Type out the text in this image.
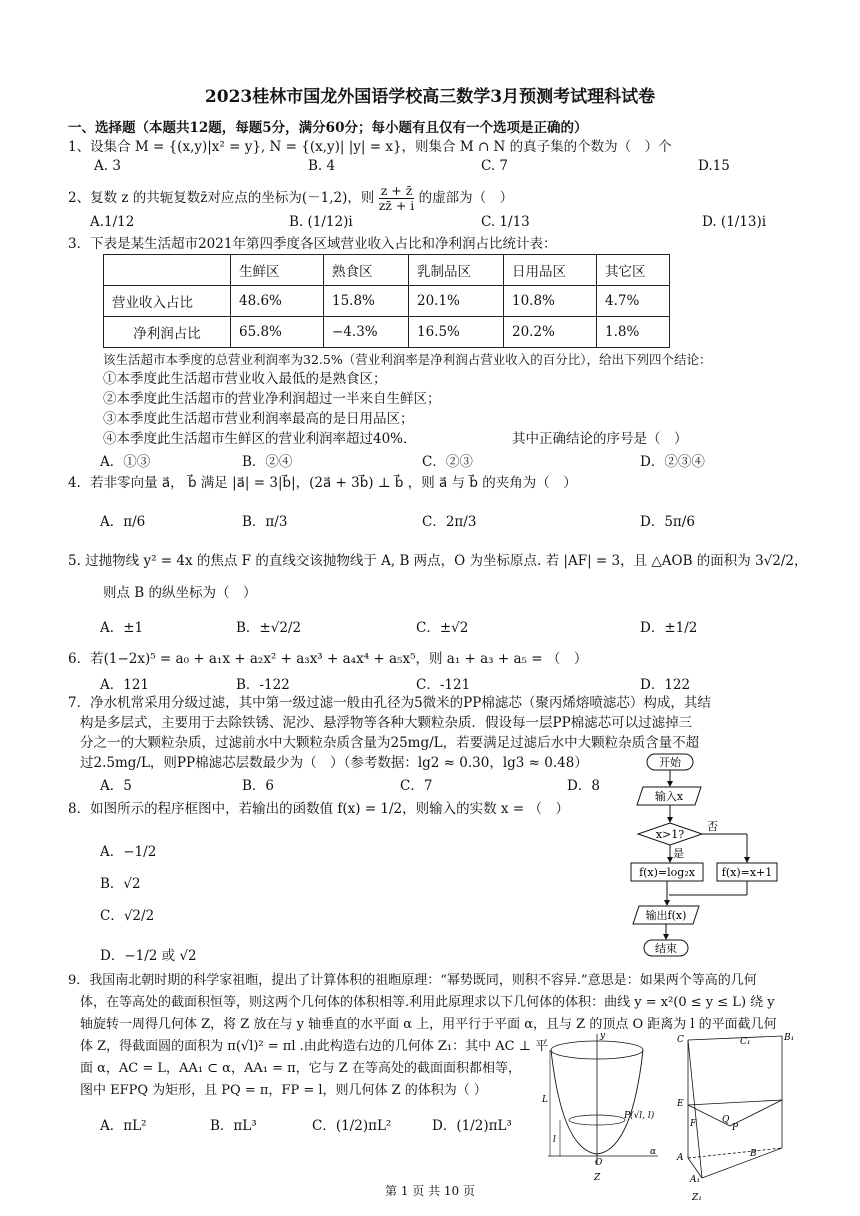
2023桂林市国龙外国语学校高三数学3月预测考试理科试卷
一、选择题（本题共12题，每题5分，满分60分；每小题有且仅有一个选项是正确的）
1、设集合 M = {(x,y)|x² = y}, N = {(x,y)| |y| = x}，则集合 M ∩ N 的真子集的个数为（　）个
A. 3	B. 4	C. 7	D.15
2、复数 z 的共轭复数z̄对应点的坐标为(－1,2)，则 $\frac{z + z̄}{zz̄ + i}$ 的虚部为（　）
A.1/12	B. (1/12)i	C. 1/13	D. (1/13)i
3．下表是某生活超市2021年第四季度各区域营业收入占比和净利润占比统计表：
	生鲜区	熟食区	乳制品区	日用品区	其它区
营业收入占比	48.6%	15.8%	20.1%	10.8%	4.7%
净利润占比	65.8%	−4.3%	16.5%	20.2%	1.8%
该生活超市本季度的总营业利润率为32.5%（营业利润率是净利润占营业收入的百分比），给出下列四个结论：
①本季度此生活超市营业收入最低的是熟食区；
②本季度此生活超市的营业净利润超过一半来自生鲜区；
③本季度此生活超市营业利润率最高的是日用品区；
④本季度此生活超市生鲜区的营业利润率超过40%．	其中正确结论的序号是（　）
A．①③	B．②④	C．②③	D．②③④
4．若非零向量 a⃗， b⃗ 满足 |a⃗| = 3|b⃗|，(2a⃗ + 3b⃗) ⊥ b⃗ ，则 a⃗ 与 b⃗ 的夹角为（　）
A．π/6	B．π/3	C．2π/3	D．5π/6
5. 过抛物线 y² = 4x 的焦点 F 的直线交该抛物线于 A, B 两点，O 为坐标原点. 若 |AF| = 3，且 △AOB 的面积为 3√2/2，
则点 B 的纵坐标为（　）
A．±1	B．±√2/2	C．±√2	D．±1/2
6．若(1−2x)⁵ = a₀ + a₁x + a₂x² + a₃x³ + a₄x⁴ + a₅x⁵，则 a₁ + a₃ + a₅ = （　）
A．121	B．-122	C．-121	D．122
7．净水机常采用分级过滤，其中第一级过滤一般由孔径为5微米的PP棉滤芯（聚丙烯熔喷滤芯）构成，其结
构是多层式，主要用于去除铁锈、泥沙、悬浮物等各种大颗粒杂质．假设每一层PP棉滤芯可以过滤掉三
分之一的大颗粒杂质，过滤前水中大颗粒杂质含量为25mg/L，若要满足过滤后水中大颗粒杂质含量不超
过2.5mg/L，则PP棉滤芯层数最少为（　）（参考数据：lg2 ≈ 0.30，lg3 ≈ 0.48）
A．5	B．6	C．7	D．8
8．如图所示的程序框图中，若输出的函数值 f(x) = 1/2，则输入的实数 x = （　）
A．−1/2
B．√2
C．√2/2
D．−1/2 或 √2
开始
输入x
x>1?
否
是
f(x)=log₂x f(x)=x+1
输出f(x)
结束
9．我国南北朝时期的科学家祖暅，提出了计算体积的祖暅原理：“幂势既同，则积不容异.”意思是：如果两个等高的几何
体，在等高处的截面积恒等，则这两个几何体的体积相等.利用此原理求以下几何体的体积：曲线 y = x²(0 ≤ y ≤ L) 绕 y
轴旋转一周得几何体 Z，将 Z 放在与 y 轴垂直的水平面 α 上，用平行于平面 α，且与 Z 的顶点 O 距离为 l 的平面截几何
体 Z，得截面圆的面积为 π(√l)² = πl .由此构造右边的几何体 Z₁：其中 AC ⊥ 平
面 α，AC = L，AA₁ ⊂ α，AA₁ = π，它与 Z 在等高处的截面面积都相等，
图中 EFPQ 为矩形，且 PQ = π，FP = l，则几何体 Z 的体积为（ ）
A．πL²	B．πL³	C．(1/2)πL²	D．(1/2)πL³
y
L
l
P(√l, l)
O
Z
C	C₁	B₁
E
Q
F	P
A
A₁
B
Z₁
α
第 1 页 共 10 页
